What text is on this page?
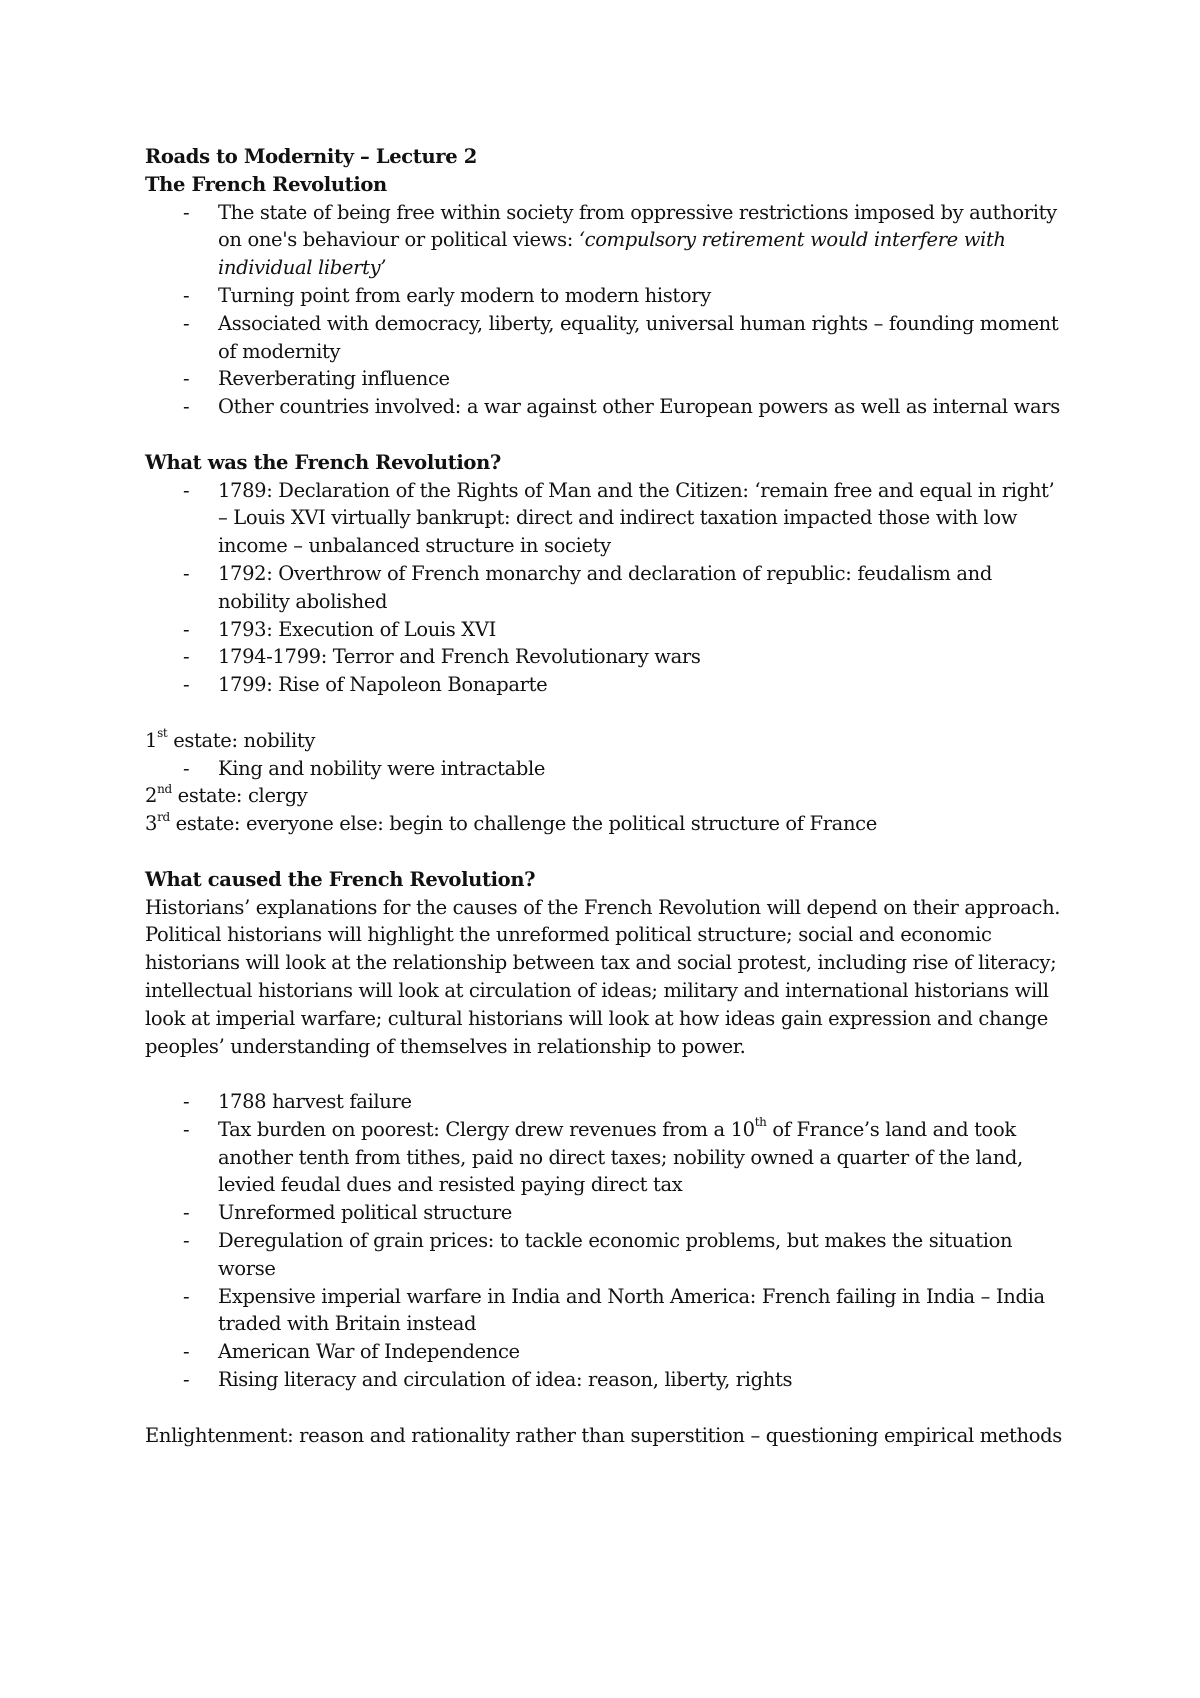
Roads to Modernity – Lecture 2

The French Revolution

- The state of being free within society from oppressive restrictions imposed by authority on one's behaviour or political views: ‘compulsory retirement would interfere with individual liberty’
- Turning point from early modern to modern history
- Associated with democracy, liberty, equality, universal human rights – founding moment of modernity
- Reverberating influence
- Other countries involved: a war against other European powers as well as internal wars

What was the French Revolution?

- 1789: Declaration of the Rights of Man and the Citizen: ‘remain free and equal in right’ – Louis XVI virtually bankrupt: direct and indirect taxation impacted those with low income – unbalanced structure in society
- 1792: Overthrow of French monarchy and declaration of republic: feudalism and nobility abolished
- 1793: Execution of Louis XVI
- 1794-1799: Terror and French Revolutionary wars
- 1799: Rise of Napoleon Bonaparte

1st estate: nobility

- King and nobility were intractable

2nd estate: clergy

3rd estate: everyone else: begin to challenge the political structure of France

What caused the French Revolution?

Historians’ explanations for the causes of the French Revolution will depend on their approach. Political historians will highlight the unreformed political structure; social and economic historians will look at the relationship between tax and social protest, including rise of literacy; intellectual historians will look at circulation of ideas; military and international historians will look at imperial warfare; cultural historians will look at how ideas gain expression and change peoples’ understanding of themselves in relationship to power.

- 1788 harvest failure
- Tax burden on poorest: Clergy drew revenues from a 10th of France’s land and took another tenth from tithes, paid no direct taxes; nobility owned a quarter of the land, levied feudal dues and resisted paying direct tax
- Unreformed political structure
- Deregulation of grain prices: to tackle economic problems, but makes the situation worse
- Expensive imperial warfare in India and North America: French failing in India – India traded with Britain instead
- American War of Independence
- Rising literacy and circulation of idea: reason, liberty, rights

Enlightenment: reason and rationality rather than superstition – questioning empirical methods
